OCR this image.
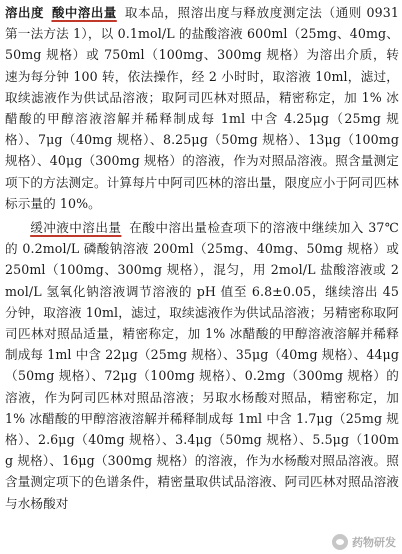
溶出度 酸中溶出量 取本品，照溶出度与释放度测定法（通则 0931 第一法方法 1），以 0.1mol/L 的盐酸溶液 600ml（25mg、40mg、50mg 规格）或 750ml（100mg、300mg 规格）为溶出介质，转速为每分钟 100 转，依法操作，经 2 小时时，取溶液 10ml，滤过，取续滤液作为供试品溶液；取阿司匹林对照品，精密称定，加 1% 冰醋酸的甲醇溶液溶解并稀释制成每 1ml 中含 4.25μg（25mg 规格）、7μg（40mg 规格）、8.25μg（50mg 规格）、13μg（100mg 规格）、40μg（300mg 规格）的溶液，作为对照品溶液。照含量测定项下的方法测定。计算每片中阿司匹林的溶出量，限度应小于阿司匹林标示量的 10%。

缓冲液中溶出量 在酸中溶出量检查项下的溶液中继续加入 37℃ 的 0.2mol/L 磷酸钠溶液 200ml（25mg、40mg、50mg 规格）或 250ml（100mg、300mg 规格），混匀，用 2mol/L 盐酸溶液或 2mol/L 氢氧化钠溶液调节溶液的 pH 值至 6.8±0.05，继续溶出 45 分钟，取溶液 10ml，滤过，取续滤液作为供试品溶液；另精密称取阿司匹林对照品适量，精密称定，加 1% 冰醋酸的甲醇溶液溶解并稀释制成每 1ml 中含 22μg（25mg 规格）、35μg（40mg 规格）、44μg（50mg 规格）、72μg（100mg 规格）、0.2mg（300mg 规格）的溶液，作为阿司匹林对照品溶液；另取水杨酸对照品，精密称定，加 1% 冰醋酸的甲醇溶液溶解并稀释制成每 1ml 中含 1.7μg（25mg 规格）、2.6μg（40mg 规格）、3.4μg（50mg 规格）、5.5μg（100mg 规格）、16μg（300mg 规格）的溶液，作为水杨酸对照品溶液。照含量测定项下的色谱条件，精密量取供试品溶液、阿司匹林对照品溶液与水杨酸对

药物研发
